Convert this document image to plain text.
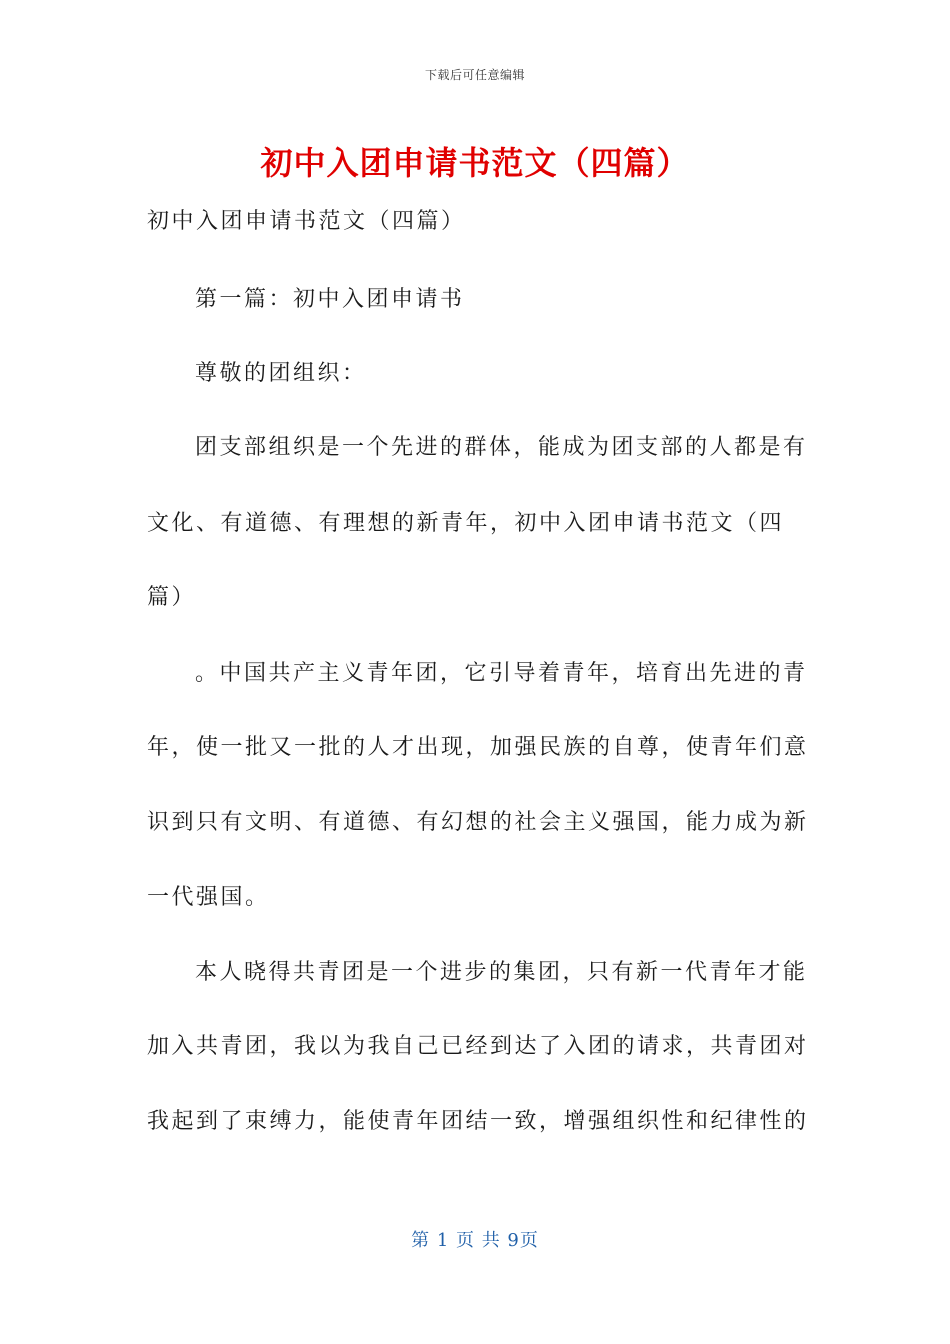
下载后可任意编辑
初中入团申请书范文（四篇）
初中入团申请书范文（四篇）
第一篇：初中入团申请书
尊敬的团组织：
团支部组织是一个先进的群体，能成为团支部的人都是有
文化、有道德、有理想的新青年，初中入团申请书范文（四
篇）
。中国共产主义青年团，它引导着青年，培育出先进的青
年，使一批又一批的人才出现，加强民族的自尊，使青年们意
识到只有文明、有道德、有幻想的社会主义强国，能力成为新
一代强国。
本人晓得共青团是一个进步的集团，只有新一代青年才能
加入共青团，我以为我自己已经到达了入团的请求，共青团对
我起到了束缚力，能使青年团结一致，增强组织性和纪律性的
第 1 页 共 9页
